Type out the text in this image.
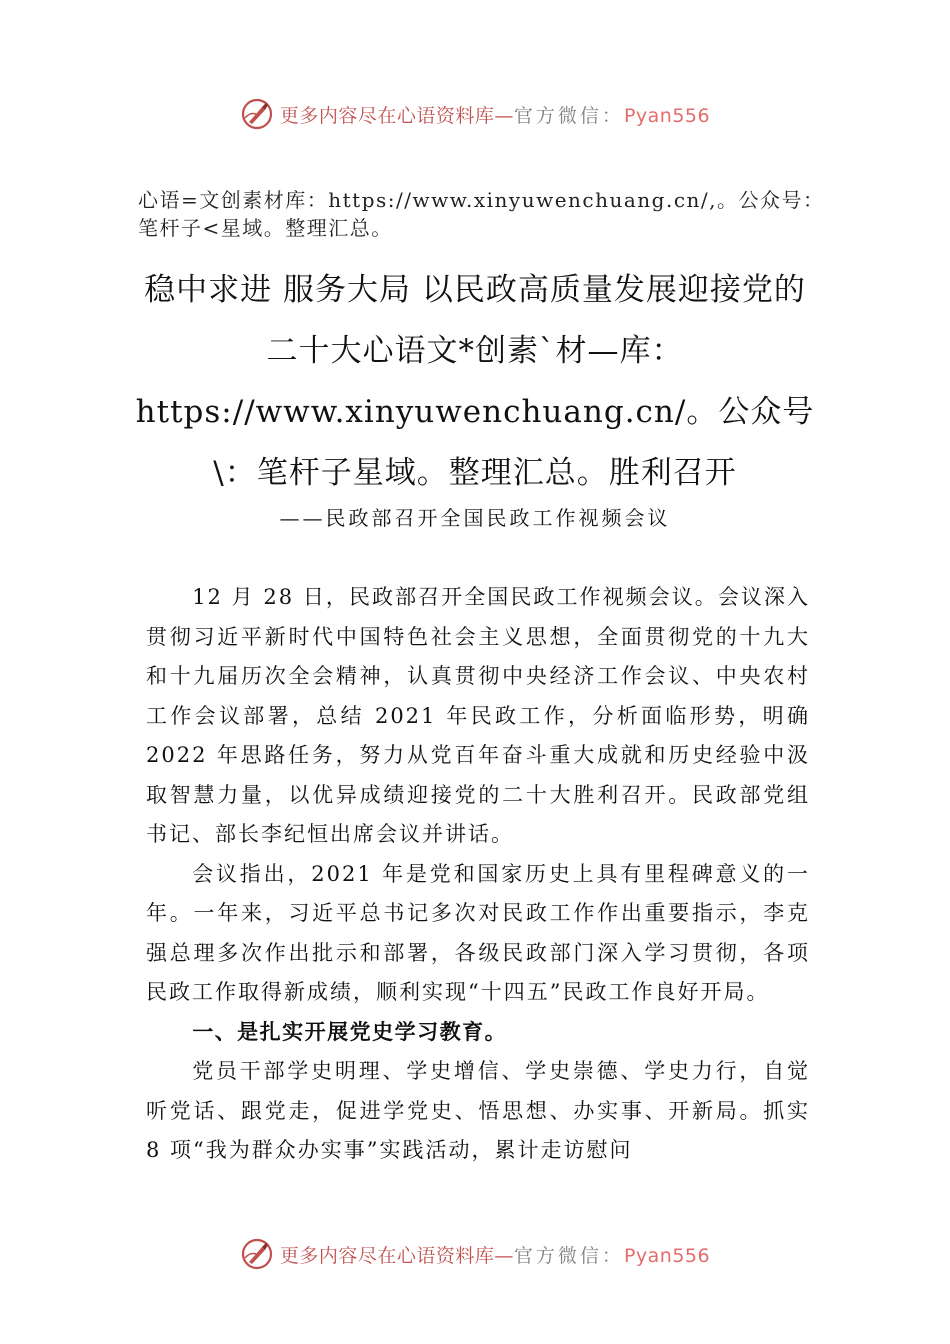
更多内容尽在心语资料库—官方微信：Pyan556
心语=文创素材库：https://www.xinyuwenchuang.cn/,。公众号：笔杆子<星域。整理汇总。
稳中求进 服务大局 以民政高质量发展迎接党的二十大心语文*创素`材—库：https://www.xinyuwenchuang.cn/。公众号\：笔杆子星域。整理汇总。胜利召开
——民政部召开全国民政工作视频会议

12 月 28 日，民政部召开全国民政工作视频会议。会议深入贯彻习近平新时代中国特色社会主义思想，全面贯彻党的十九大和十九届历次全会精神，认真贯彻中央经济工作会议、中央农村工作会议部署，总结 2021 年民政工作，分析面临形势，明确 2022 年思路任务，努力从党百年奋斗重大成就和历史经验中汲取智慧力量，以优异成绩迎接党的二十大胜利召开。民政部党组书记、部长李纪恒出席会议并讲话。

会议指出，2021 年是党和国家历史上具有里程碑意义的一年。一年来，习近平总书记多次对民政工作作出重要指示，李克强总理多次作出批示和部署，各级民政部门深入学习贯彻，各项民政工作取得新成绩，顺利实现“十四五”民政工作良好开局。

一、是扎实开展党史学习教育。

党员干部学史明理、学史增信、学史崇德、学史力行，自觉听党话、跟党走，促进学党史、悟思想、办实事、开新局。抓实 8 项“我为群众办实事”实践活动，累计走访慰问

更多内容尽在心语资料库—官方微信：Pyan556
